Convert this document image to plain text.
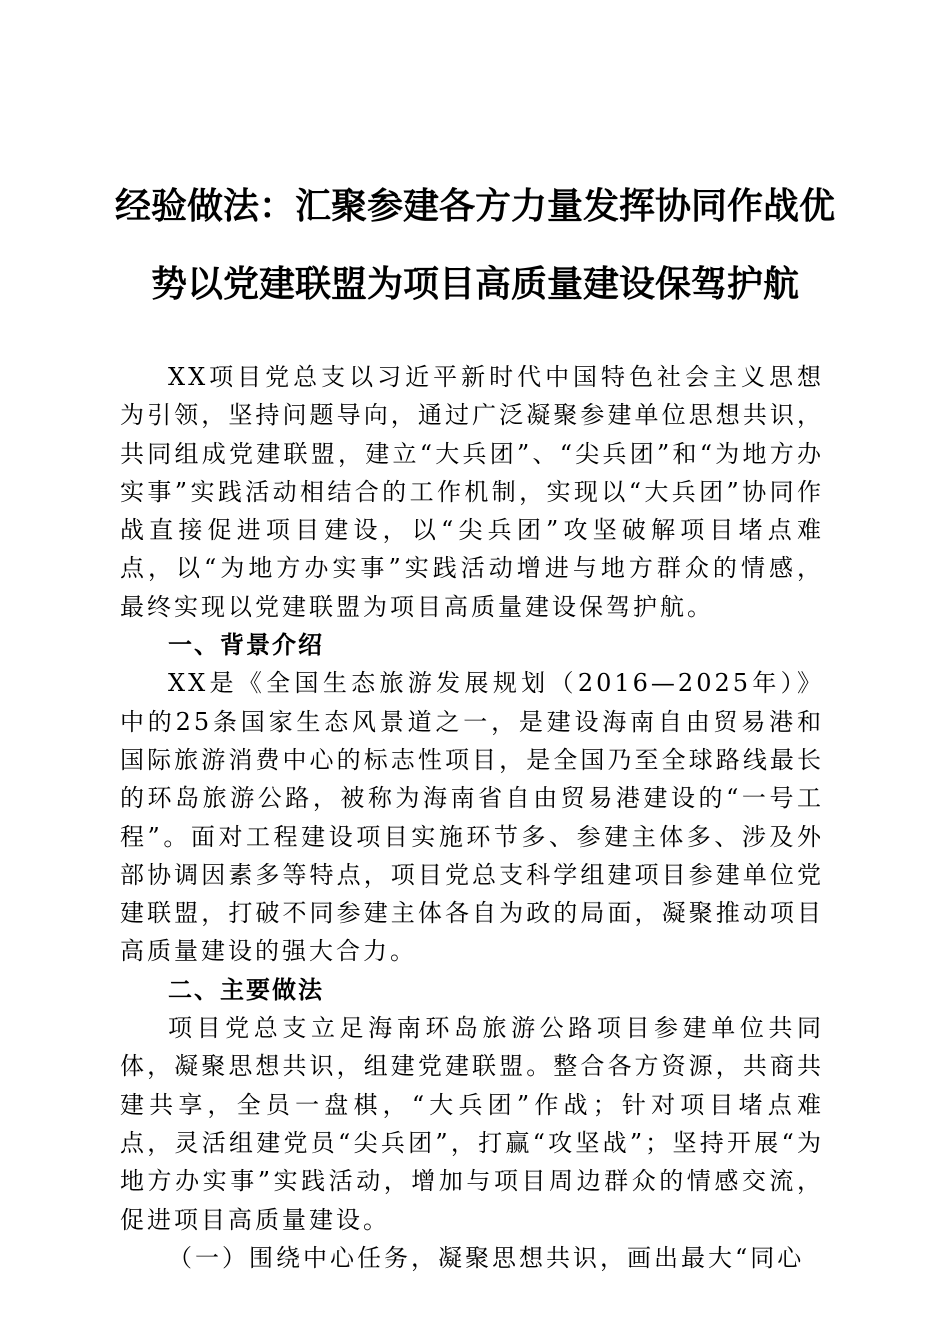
经验做法：汇聚参建各方力量发挥协同作战优
势以党建联盟为项目高质量建设保驾护航

XX项目党总支以习近平新时代中国特色社会主义思想为引领，坚持问题导向，通过广泛凝聚参建单位思想共识，共同组成党建联盟，建立“大兵团”、“尖兵团”和“为地方办实事”实践活动相结合的工作机制，实现以“大兵团”协同作战直接促进项目建设，以“尖兵团”攻坚破解项目堵点难点，以“为地方办实事”实践活动增进与地方群众的情感，最终实现以党建联盟为项目高质量建设保驾护航。

一、背景介绍

XX是《全国生态旅游发展规划（2016—2025年）》中的25条国家生态风景道之一，是建设海南自由贸易港和国际旅游消费中心的标志性项目，是全国乃至全球路线最长的环岛旅游公路，被称为海南省自由贸易港建设的“一号工程”。面对工程建设项目实施环节多、参建主体多、涉及外部协调因素多等特点，项目党总支科学组建项目参建单位党建联盟，打破不同参建主体各自为政的局面，凝聚推动项目高质量建设的强大合力。

二、主要做法

项目党总支立足海南环岛旅游公路项目参建单位共同体，凝聚思想共识，组建党建联盟。整合各方资源，共商共建共享，全员一盘棋，“大兵团”作战；针对项目堵点难点，灵活组建党员“尖兵团”，打赢“攻坚战”；坚持开展“为地方办实事”实践活动，增加与项目周边群众的情感交流，促进项目高质量建设。

（一）围绕中心任务，凝聚思想共识，画出最大“同心
